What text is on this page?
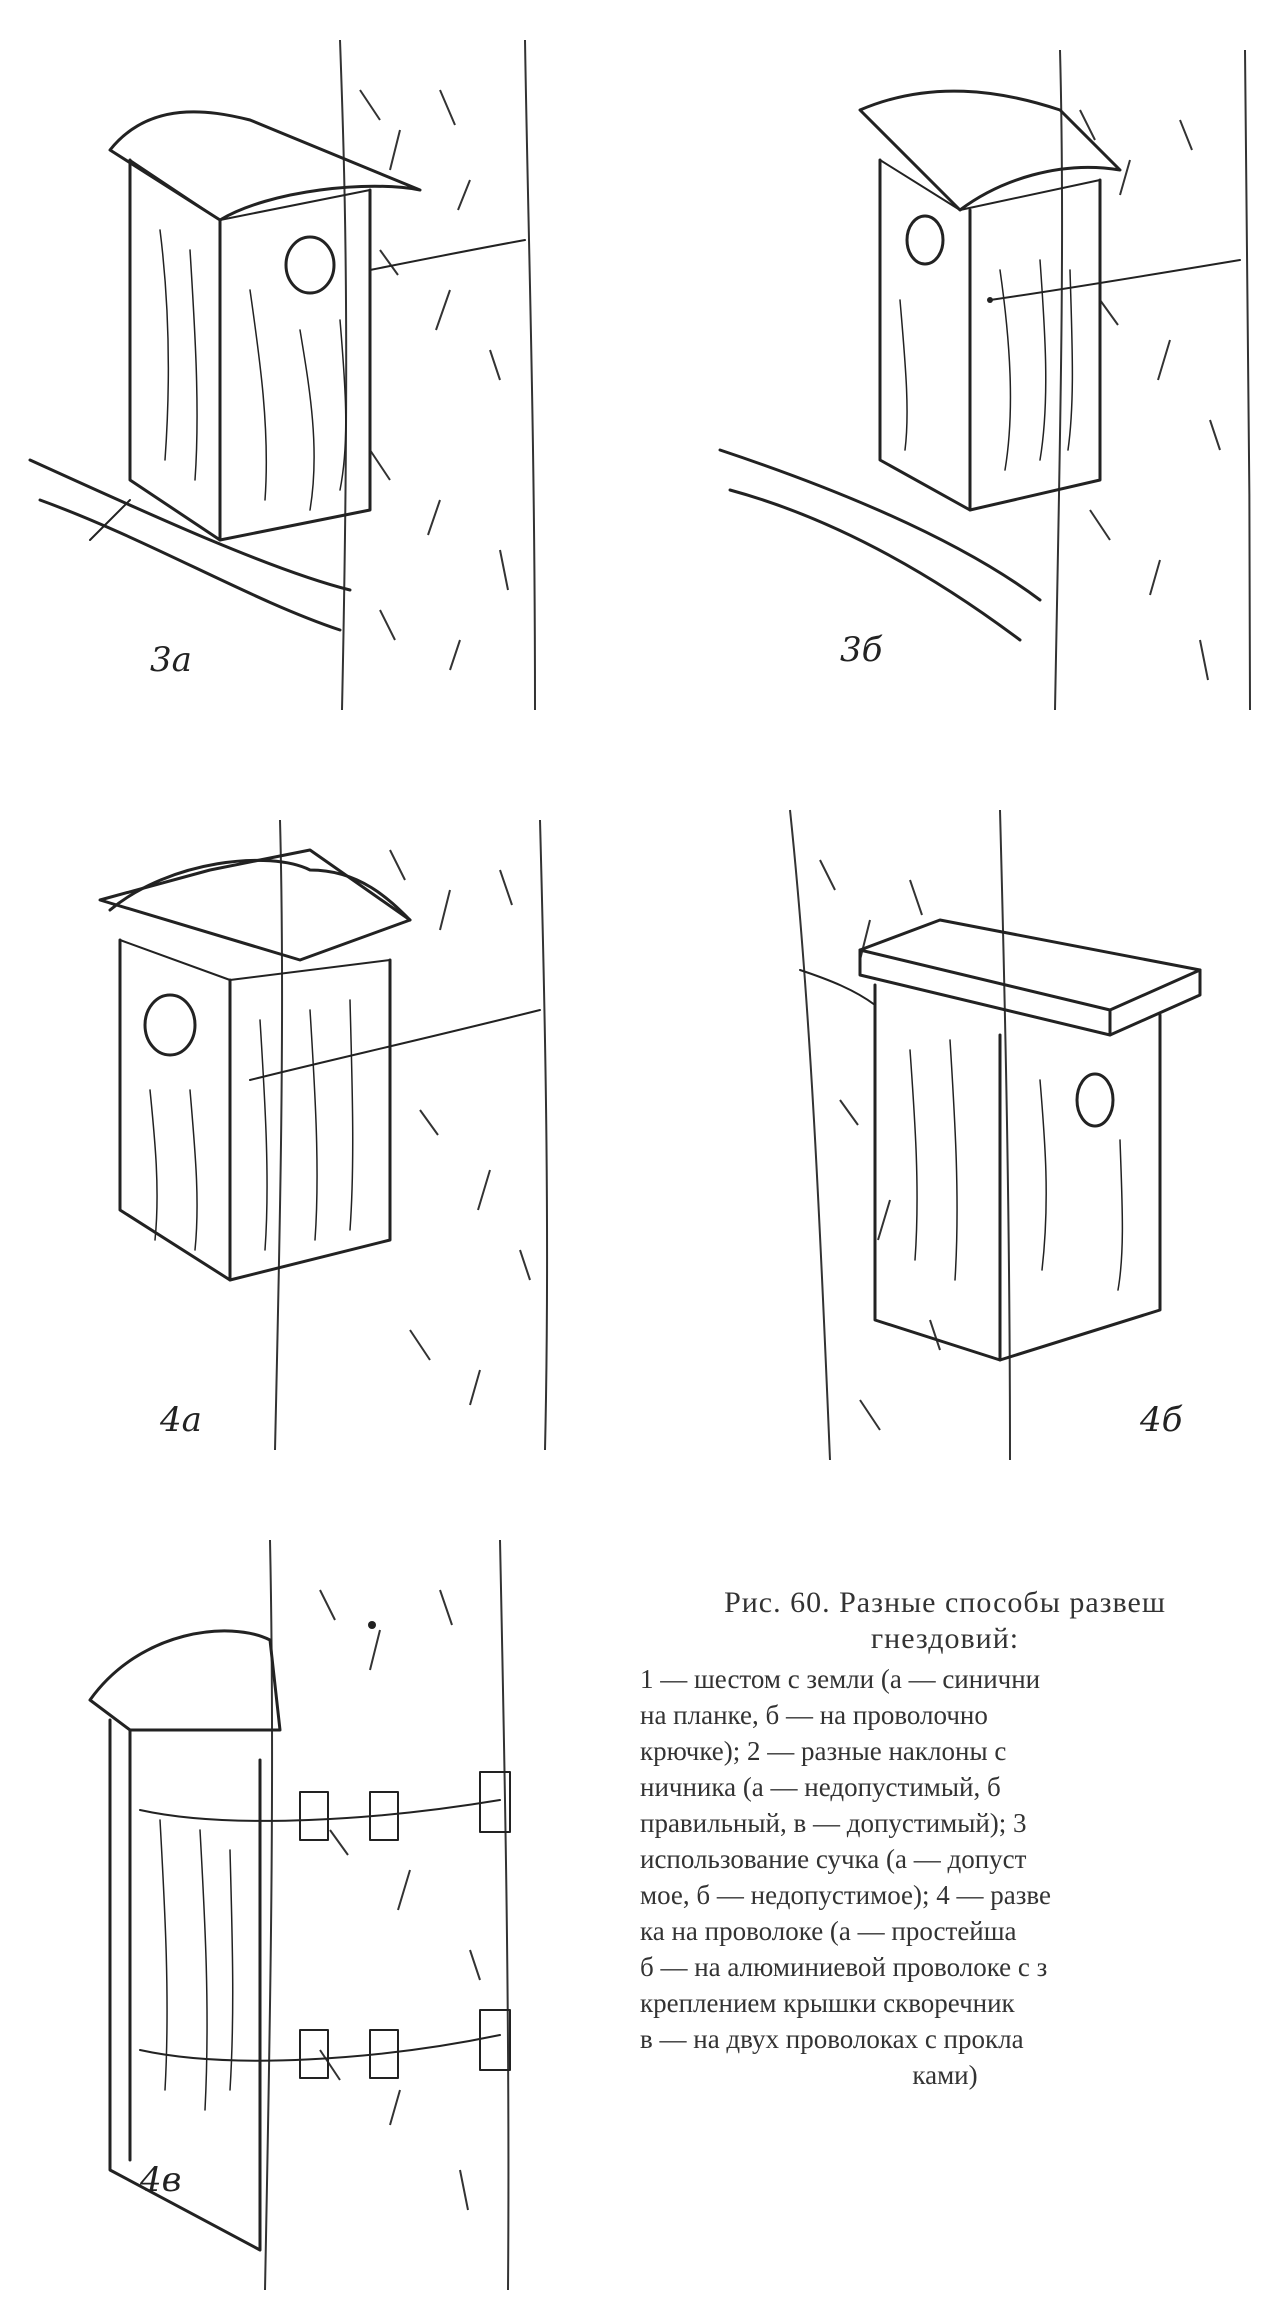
3а	3б
4а	4б
4в
Рис. 60. Разные способы развеш
гнездовий:
1 — шестом с земли (а — синични
на планке, б — на проволочно
крючке); 2 — разные наклоны с
ничника (а — недопустимый, б
правильный, в — допустимый); 3
использование сучка (а — допуст
мое, б — недопустимое); 4 — разве
ка на проволоке (а — простейша
б — на алюминиевой проволоке с з
креплением крышки скворечник
в — на двух проволоках с прокла
ками)
